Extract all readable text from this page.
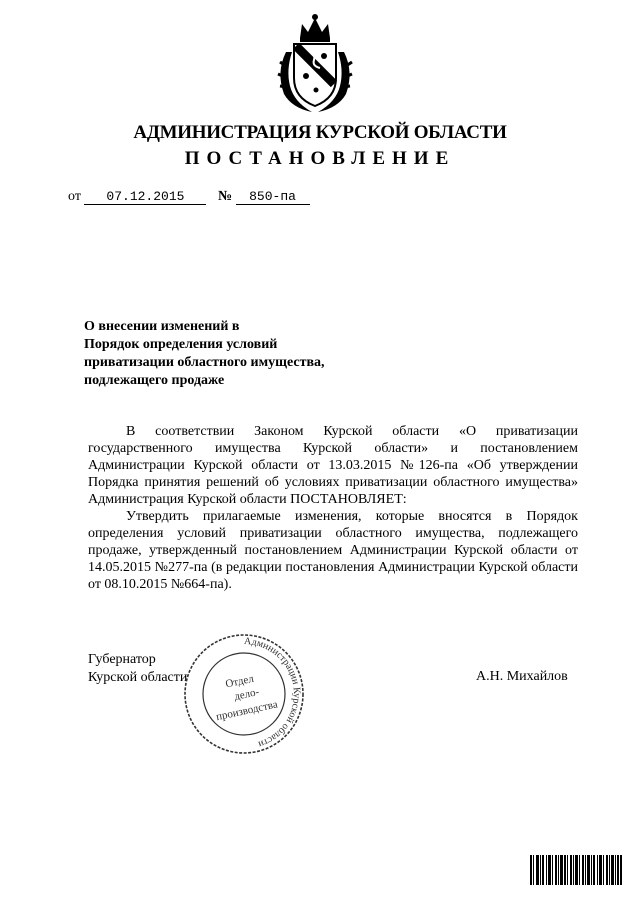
АДМИНИСТРАЦИЯ КУРСКОЙ ОБЛАСТИ
ПОСТАНОВЛЕНИЕ
от 07.12.2015 № 850-па
О внесении изменений в
Порядок определения условий
приватизации областного имущества,
подлежащего продаже

В соответствии Законом Курской области «О приватизации государственного имущества Курской области» и постановлением Администрации Курской области от 13.03.2015 №126-па «Об утверждении Порядка принятия решений об условиях приватизации областного имущества» Администрация Курской области ПОСТАНОВЛЯЕТ:

Утвердить прилагаемые изменения, которые вносятся в Порядок определения условий приватизации областного имущества, подлежащего продаже, утвержденный постановлением Администрации Курской области от 14.05.2015 №277-па (в редакции постановления Администрации Курской области от 08.10.2015 №664-па).

Губернатор
Курской области	А.Н. Михайлов
Администрации Курской области
Отдел
дело-
производства
